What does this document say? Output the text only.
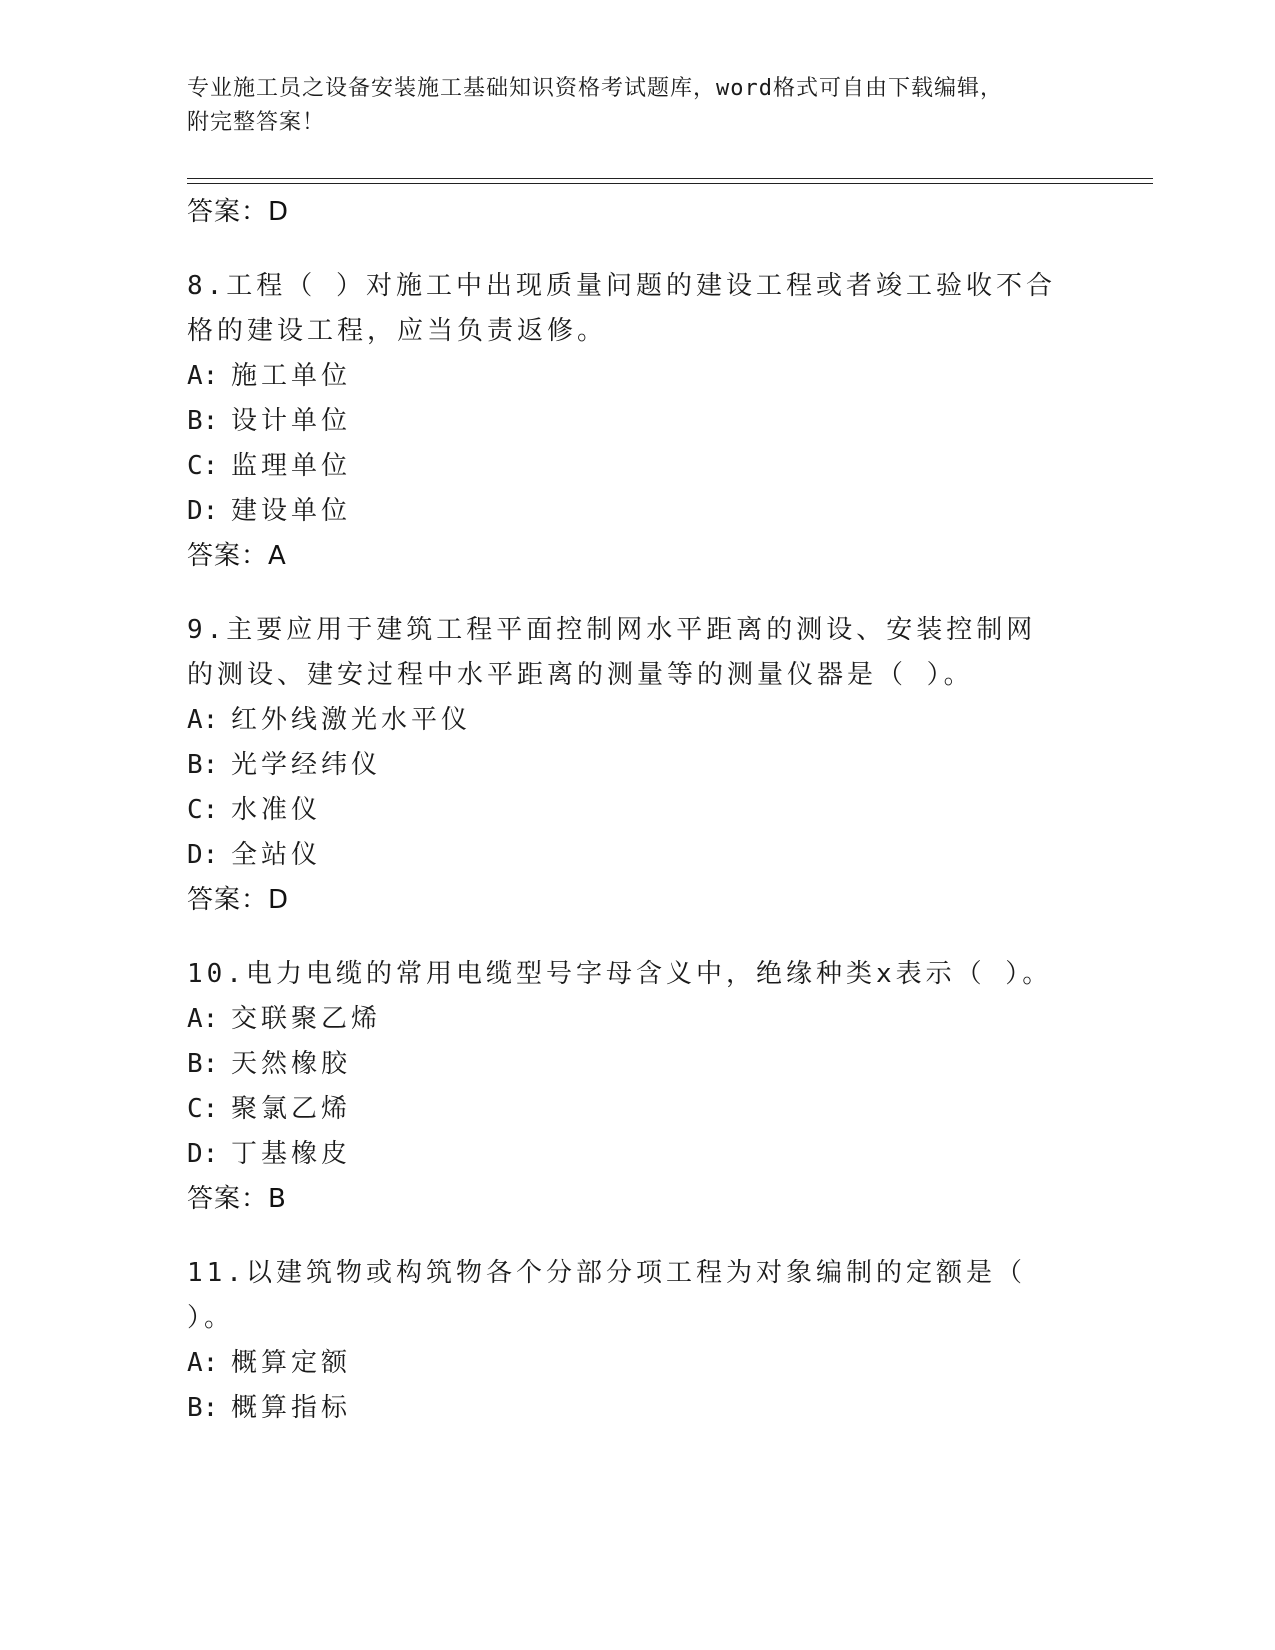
专业施工员之设备安装施工基础知识资格考试题库，word格式可自由下载编辑，
附完整答案！
答案：D
8.工程（ ）对施工中出现质量问题的建设工程或者竣工验收不合格的建设工程，应当负责返修。
A: 施工单位
B: 设计单位
C: 监理单位
D: 建设单位
答案：A
9.主要应用于建筑工程平面控制网水平距离的测设、安装控制网的测设、建安过程中水平距离的测量等的测量仪器是（ ）。
A: 红外线激光水平仪
B: 光学经纬仪
C: 水准仪
D: 全站仪
答案：D
10.电力电缆的常用电缆型号字母含义中，绝缘种类x表示（ ）。
A: 交联聚乙烯
B: 天然橡胶
C: 聚氯乙烯
D: 丁基橡皮
答案：B
11.以建筑物或构筑物各个分部分项工程为对象编制的定额是（ ）。
A: 概算定额
B: 概算指标
